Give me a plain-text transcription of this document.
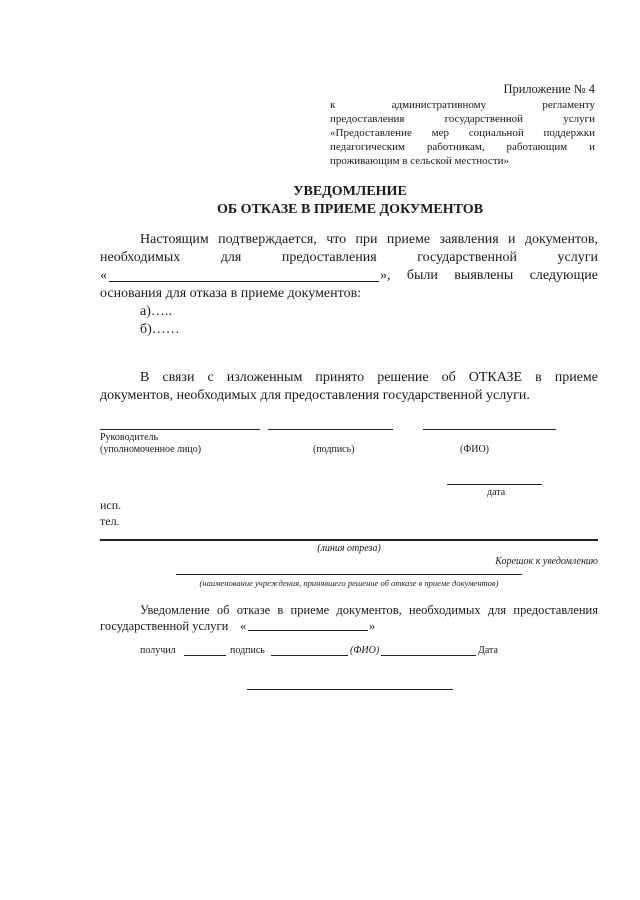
Приложение № 4
к административному регламенту
предоставления государственной услуги
«Предоставление мер социальной поддержки
педагогическим работникам, работающим и
проживающим в сельской местности»
УВЕДОМЛЕНИЕ
ОБ ОТКАЗЕ В ПРИЕМЕ ДОКУМЕНТОВ
Настоящим подтверждается, что при приеме заявления и документов,
необходимых для предоставления государственной услуги
«	», были выявлены следующие
основания для отказа в приеме документов:
а)…..
б)……
В связи с изложенным принято решение об ОТКАЗЕ в приеме
документов, необходимых для предоставления государственной услуги.
Руководитель
(уполномоченное лицо)	(подпись)	(ФИО)
дата
исп.
тел.
(линия отреза)
Корешок к уведомлению
(наименование учреждения, принявшего решение об отказе в приеме документов)
Уведомление об отказе в приеме документов, необходимых для предоставления
государственной услуги «	»
получил	подпись	(ФИО)	Дата
